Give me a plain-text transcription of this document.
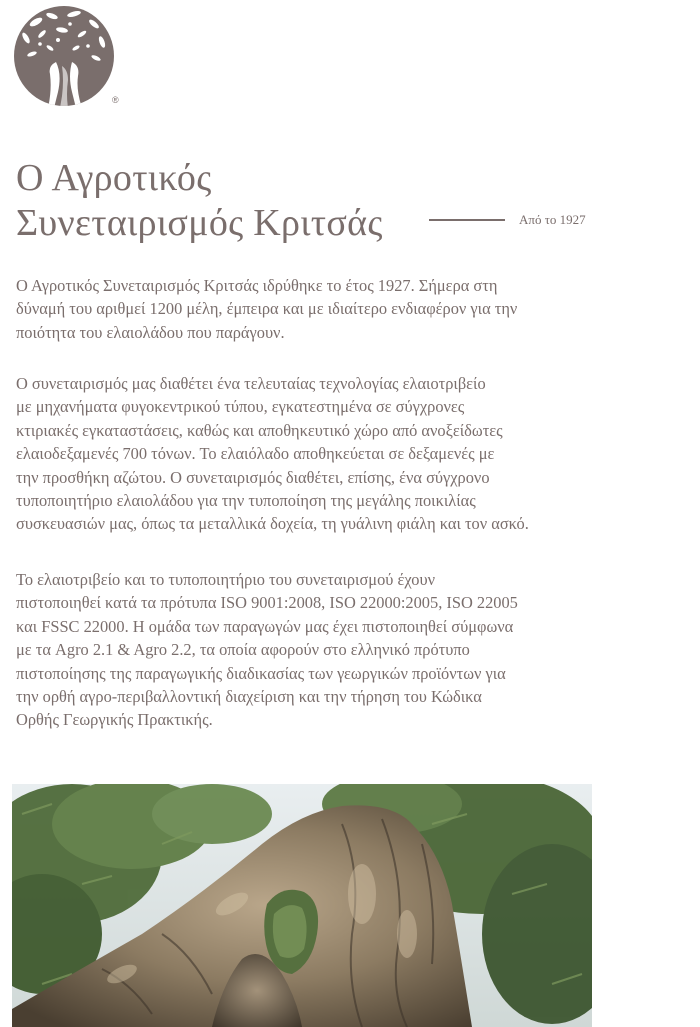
®
Ο Αγροτικός
Συνεταιρισμός Κριτσάς	Από το 1927

Ο Αγροτικός Συνεταιρισμός Κριτσάς ιδρύθηκε το έτος 1927. Σήμερα στη
δύναμή του αριθμεί 1200 μέλη, έμπειρα και με ιδιαίτερο ενδιαφέρον για την
ποιότητα του ελαιολάδου που παράγουν.

Ο συνεταιρισμός μας διαθέτει ένα τελευταίας τεχνολογίας ελαιοτριβείο
με μηχανήματα φυγοκεντρικού τύπου, εγκατεστημένα σε σύγχρονες
κτιριακές εγκαταστάσεις, καθώς και αποθηκευτικό χώρο από ανοξείδωτες
ελαιοδεξαμενές 700 τόνων. Το ελαιόλαδο αποθηκεύεται σε δεξαμενές με
την προσθήκη αζώτου. Ο συνεταιρισμός διαθέτει, επίσης, ένα σύγχρονο
τυποποιητήριο ελαιολάδου για την τυποποίηση της μεγάλης ποικιλίας
συσκευασιών μας, όπως τα μεταλλικά δοχεία, τη γυάλινη φιάλη και τον ασκό.

Το ελαιοτριβείο και το τυποποιητήριο του συνεταιρισμού έχουν
πιστοποιηθεί κατά τα πρότυπα ISO 9001:2008, ISO 22000:2005, ISO 22005
και FSSC 22000. Η ομάδα των παραγωγών μας έχει πιστοποιηθεί σύμφωνα
με τα Agro 2.1 & Agro 2.2, τα οποία αφορούν στο ελληνικό πρότυπο
πιστοποίησης της παραγωγικής διαδικασίας των γεωργικών προϊόντων για
την ορθή αγρο-περιβαλλοντική διαχείριση και την τήρηση του Κώδικα
Ορθής Γεωργικής Πρακτικής.
